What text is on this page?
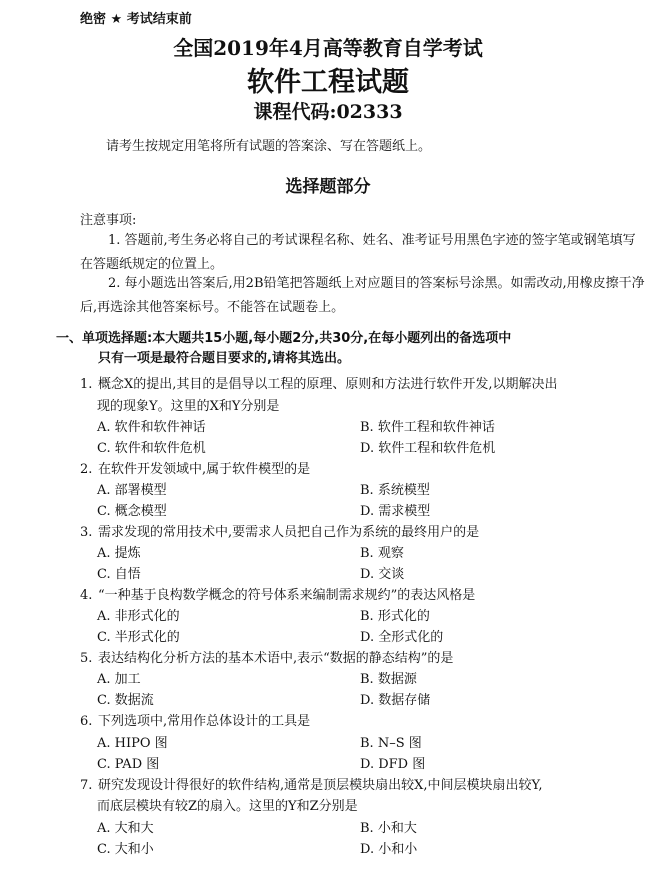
绝密 ★ 考试结束前
全国2019年4月高等教育自学考试
软件工程试题
课程代码:02333
请考生按规定用笔将所有试题的答案涂、写在答题纸上。
选择题部分
注意事项:
1. 答题前,考生务必将自己的考试课程名称、姓名、准考证号用黑色字迹的签字笔或钢笔填写在答题纸规定的位置上。
2. 每小题选出答案后,用2B铅笔把答题纸上对应题目的答案标号涂黑。如需改动,用橡皮擦干净后,再选涂其他答案标号。不能答在试题卷上。
一、单项选择题:本大题共15小题,每小题2分,共30分,在每小题列出的备选项中
只有一项是最符合题目要求的,请将其选出。
1. 概念X的提出,其目的是倡导以工程的原理、原则和方法进行软件开发,以期解决出
现的现象Y。这里的X和Y分别是
A. 软件和软件神话	B. 软件工程和软件神话
C. 软件和软件危机	D. 软件工程和软件危机
2. 在软件开发领域中,属于软件模型的是
A. 部署模型	B. 系统模型
C. 概念模型	D. 需求模型
3. 需求发现的常用技术中,要需求人员把自己作为系统的最终用户的是
A. 提炼	B. 观察
C. 自悟	D. 交谈
4. “一种基于良构数学概念的符号体系来编制需求规约”的表达风格是
A. 非形式化的	B. 形式化的
C. 半形式化的	D. 全形式化的
5. 表达结构化分析方法的基本术语中,表示“数据的静态结构”的是
A. 加工	B. 数据源
C. 数据流	D. 数据存储
6. 下列选项中,常用作总体设计的工具是
A. HIPO 图	B. N–S 图
C. PAD 图	D. DFD 图
7. 研究发现设计得很好的软件结构,通常是顶层模块扇出较X,中间层模块扇出较Y,
而底层模块有较Z的扇入。这里的Y和Z分别是
A. 大和大	B. 小和大
C. 大和小	D. 小和小
